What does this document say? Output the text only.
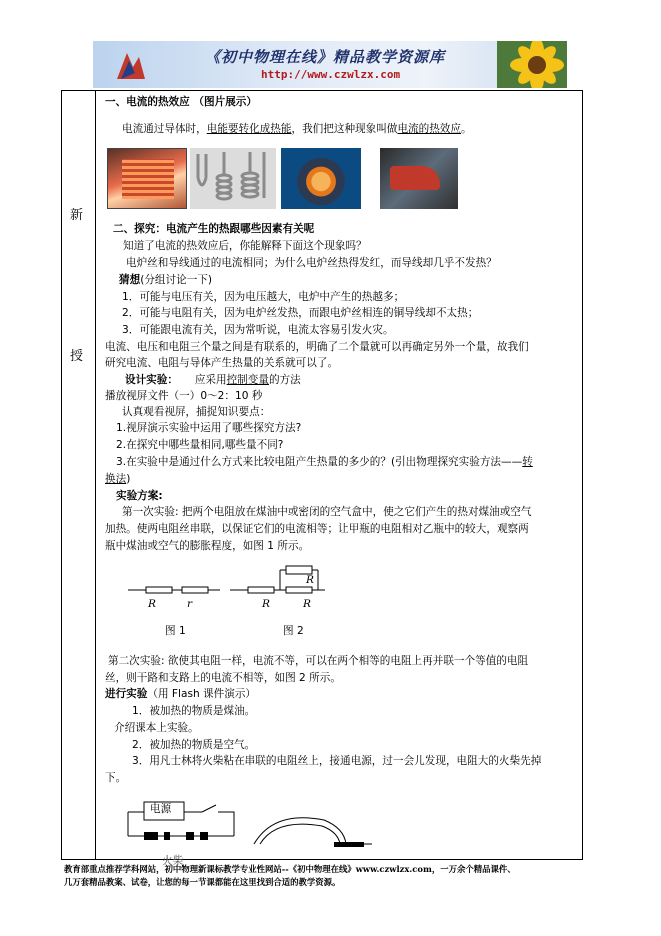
《初中物理在线》精品教学资源库
http://www.czwlzx.com
新
授
一、电流的热效应 （图片展示）
电流通过导体时，电能要转化成热能，我们把这种现象叫做电流的热效应。
二、探究：电流产生的热跟哪些因素有关呢
知道了电流的热效应后，你能解释下面这个现象吗？
电炉丝和导线通过的电流相同；为什么电炉丝热得发红，而导线却几乎不发热？
猜想(分组讨论一下)
1．可能与电压有关，因为电压越大，电炉中产生的热越多；
2．可能与电阻有关，因为电炉丝发热，而跟电炉丝相连的铜导线却不太热；
3．可能跟电流有关，因为常听说，电流太容易引发火灾。
电流、电压和电阻三个量之间是有联系的，明确了二个量就可以再确定另外一个量，故我们
研究电流、电阻与导体产生热量的关系就可以了。
设计实验： 应采用控制变量的方法
播放视屏文件（一）0～2：10 秒
认真观看视屏，捕捉知识要点：
1.视屏演示实验中运用了哪些探究方法?
2.在探究中哪些量相同,哪些量不同?
3.在实验中是通过什么方式来比较电阻产生热量的多少的？(引出物理探究实验方法——转
换法)
实验方案:
第一次实验: 把两个电阻放在煤油中或密闭的空气盒中，使之它们产生的热对煤油或空气
加热。使两电阻丝串联，以保证它们的电流相等；让甲瓶的电阻相对乙瓶中的较大，观察两
瓶中煤油或空气的膨胀程度，如图 1 所示。
R	r
R
R	R
图 1	图 2
第二次实验: 欲使其电阻一样，电流不等，可以在两个相等的电阻上再并联一个等值的电阻
丝，则干路和支路上的电流不相等，如图 2 所示。
进行实验（用 Flash 课件演示）
1．被加热的物质是煤油。
介绍课本上实验。
2．被加热的物质是空气。
3．用凡士林将火柴粘在串联的电阻丝上，接通电源，过一会儿发现，电阻大的火柴先掉
下。
电源
火柴
教育部重点推荐学科网站，初中物理新课标教学专业性网站--《初中物理在线》www.czwlzx.com，一万余个精品课件、
几万套精品教案、试卷，让您的每一节课都能在这里找到合适的教学资源。
